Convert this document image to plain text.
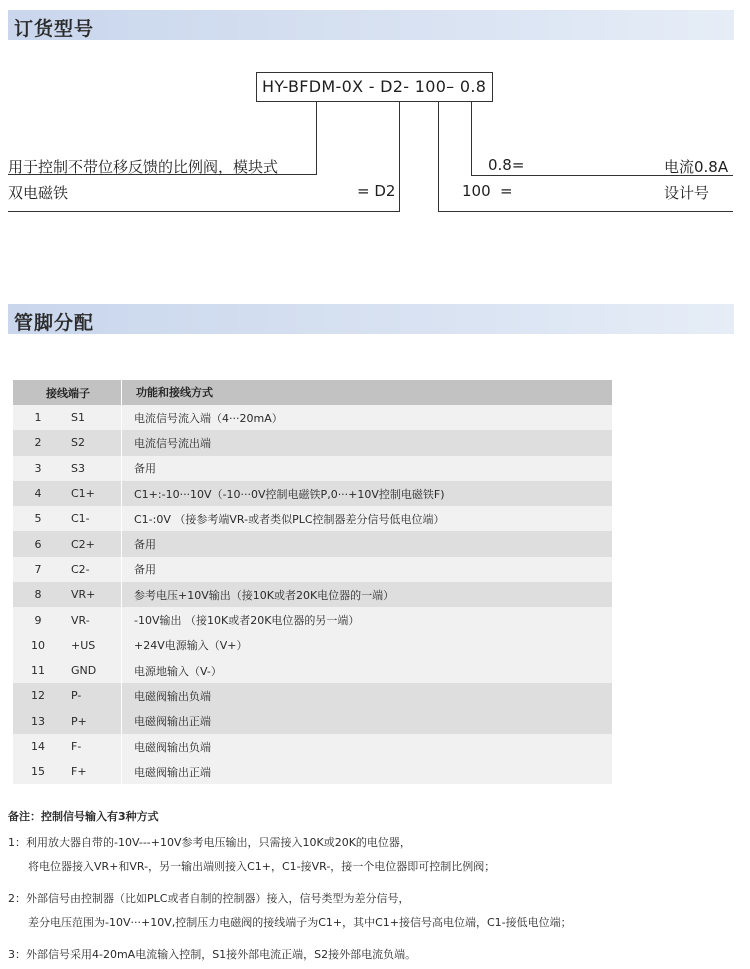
订货型号
HY-BFDM-0X - D2- 100– 0.8
用于控制不带位移反馈的比例阀，模块式
双电磁铁	= D2
0.8=	电流0.8A
100 =	设计号
管脚分配
接线端子	功能和接线方式
1	S1	电流信号流入端（4···20mA）
2	S2	电流信号流出端
3	S3	备用
4	C1+	C1+:-10···10V（-10···0V控制电磁铁P,0···+10V控制电磁铁F)
5	C1-	C1-:0V （接参考端VR-或者类似PLC控制器差分信号低电位端）
6	C2+	备用
7	C2-	备用
8	VR+	参考电压+10V输出（接10K或者20K电位器的一端）
9	VR-	-10V输出 （接10K或者20K电位器的另一端）
10	+US	+24V电源输入（V+）
11	GND	电源地输入（V-）
12	P-	电磁阀输出负端
13	P+	电磁阀输出正端
14	F-	电磁阀输出负端
15	F+	电磁阀输出正端
备注：控制信号输入有3种方式
1：利用放大器自带的-10V---+10V参考电压输出，只需接入10K或20K的电位器，
将电位器接入VR+和VR-，另一输出端则接入C1+，C1-接VR-，接一个电位器即可控制比例阀；
2：外部信号由控制器（比如PLC或者自制的控制器）接入，信号类型为差分信号，
差分电压范围为-10V···+10V,控制压力电磁阀的接线端子为C1+，其中C1+接信号高电位端，C1-接低电位端；
3：外部信号采用4-20mA电流输入控制，S1接外部电流正端，S2接外部电流负端。
